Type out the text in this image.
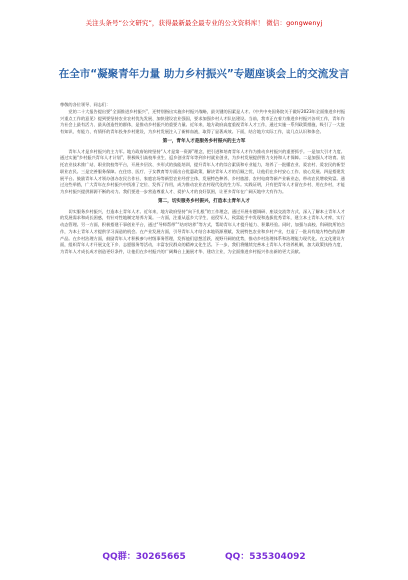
关注头条号“公文研究”，获得最新最全最专业的公文资料库！ 微信：gongwenyj
在全市“凝聚青年力量 助力乡村振兴”专题座谈会上的交流发言

尊敬的各位领导、同志们：

党的二十大报告提出要“全面推进乡村振兴”，还特别指出实施乡村振兴战略，最关键的因素是人才。《中共中央国务院关于做好2023年全面推进乡村振兴重点工作的意见》提到要坚持农业农村优先发展、加快建设农业强国，要求加强乡村人才队伍建设。当前，我市正在着力推进乡村振兴各项工作，青年作为社会上最有活力、最具创造性的群体，是推动乡村振兴的重要力量。近年来，地方政府高度重视青年人才工作，通过实施一系列政策措施，吸引了一大批有知识、有能力、有情怀的青年投身乡村建设，为乡村发展注入了新鲜血液，取得了显著成效。下面，结合地方实际工作，谈几点认识和体会。

第一，青年人才是服务乡村振兴的主力军

青年人才是乡村振兴的主力军。地方政府始终坚持“人才是第一资源”理念，把引进和培育青年人才作为推动乡村振兴的重要抓手。一是加大引才力度。通过实施“乡村振兴青年人才计划”，积极吸引高校毕业生、返乡创业青年等到乡村就业创业，为乡村发展提供智力支持和人才保障。二是加强人才培育。依托农业技术推广站、职业院校等平台，开展多层次、多形式的技能培训，提升青年人才的综合素质和专业能力，培养了一批懂农业、爱农村、爱农民的新型职业农民。三是完善服务保障。在住房、医疗、子女教育等方面出台优惠政策，解决青年人才的后顾之忧，让他们在乡村安心工作、放心发展。四是搭建发展平台。鼓励青年人才领办创办农民合作社、家庭农场等新型农业经营主体，发展特色种养、乡村旅游、农村电商等新产业新业态，带动农民增收致富。通过这些举措，广大青年在乡村振兴中找准了定位、发挥了作用，成为推动农业农村现代化的生力军。实践证明，只有把青年人才留在乡村、用在乡村，才能为乡村振兴提供源源不断的动力。我们要进一步营造尊重人才、爱护人才的良好氛围，让更多青年在广阔天地中大有作为。

第二，切实服务乡村振兴，打造本土青年人才

切实服务乡村振兴，打造本土青年人才。近年来，地方政府坚持“向下扎根”的工作理念，通过开展专题调研、座谈交流等方式，深入了解本土青年人才的发展需求和成长困惑，有针对性地制定培养方案。一方面，注重从返乡大学生、退役军人、致富能手中发现和选拔优秀青年，建立本土青年人才库，实行动态管理。另一方面，积极搭建干事创业平台，通过“导师帮带”“结对培养”等方式，帮助青年人才提升能力、积累经验。同时，加强与高校、科研院所的合作，为本土青年人才提供学习深造的机会。在产业发展方面，引导青年人才结合本地资源禀赋，发展特色农业和乡村产业，打造了一批具有地方特色的品牌产品。在乡村治理方面，鼓励青年人才积极参与村级事务管理，发挥他们思想活跃、视野开阔的优势，推动乡村治理体系和治理能力现代化。在文化建设方面，组织青年人才开展文化下乡、志愿服务等活动，丰富农民群众的精神文化生活。下一步，我们将继续完善本土青年人才培养机制，加大政策扶持力度，为青年人才成长成才创造更好条件，让他们在乡村振兴的广阔舞台上施展才华、建功立业，为全面推进乡村振兴作出新的更大贡献。

QQ群：30265665	QQ：535304092
